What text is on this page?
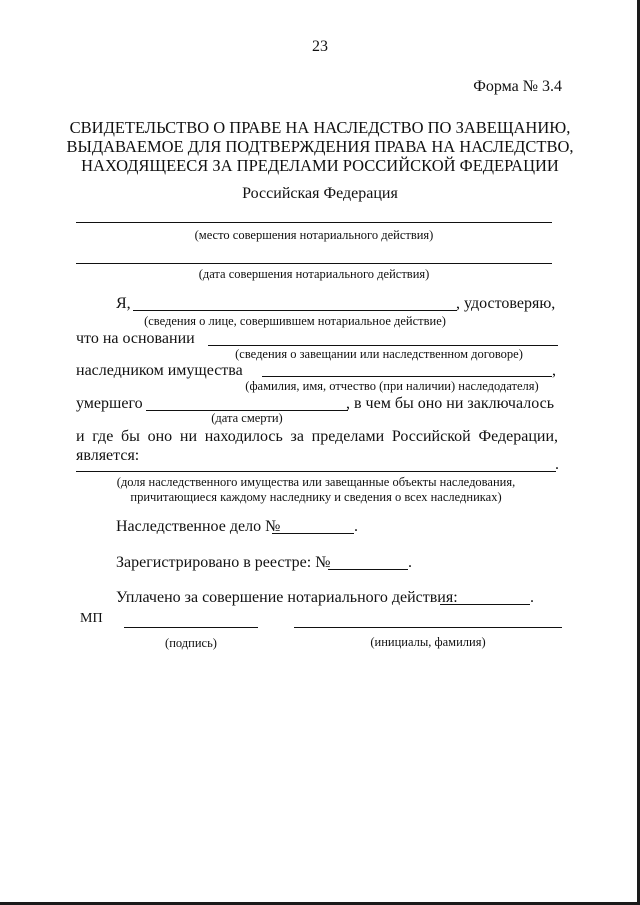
23
Форма № 3.4
СВИДЕТЕЛЬСТВО О ПРАВЕ НА НАСЛЕДСТВО ПО ЗАВЕЩАНИЮ,
ВЫДАВАЕМОЕ ДЛЯ ПОДТВЕРЖДЕНИЯ ПРАВА НА НАСЛЕДСТВО,
НАХОДЯЩЕЕСЯ ЗА ПРЕДЕЛАМИ РОССИЙСКОЙ ФЕДЕРАЦИИ
Российская Федерация
(место совершения нотариального действия)
(дата совершения нотариального действия)
Я,	, удостоверяю,
(сведения о лице, совершившем нотариальное действие)
что на основании
(сведения о завещании или наследственном договоре)
наследником имущества	,
(фамилия, имя, отчество (при наличии) наследодателя)
умершего	, в чем бы оно ни заключалось
(дата смерти)
и где бы оно ни находилось за пределами Российской Федерации,
является:
.
(доля наследственного имущества или завещанные объекты наследования,
причитающиеся каждому наследнику и сведения о всех наследниках)
Наследственное дело №	.
Зарегистрировано в реестре: №	.
Уплачено за совершение нотариального действия:	.
МП
(подпись)	(инициалы, фамилия)
